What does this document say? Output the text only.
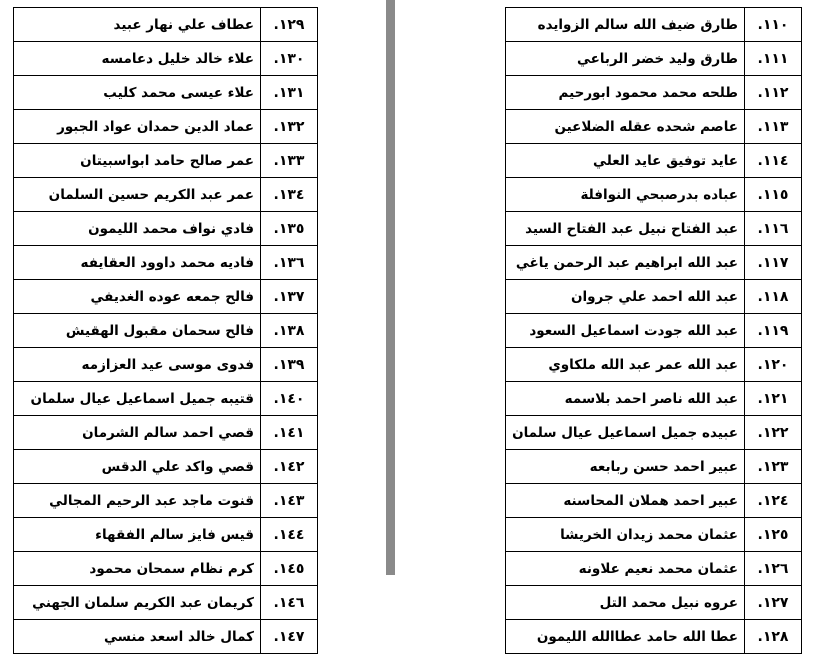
١٢٩.	عطاف علي نهار عبيد
١٣٠.	علاء خالد خليل دعامسه
١٣١.	علاء عيسى محمد كليب
١٣٢.	عماد الدين حمدان عواد الجبور
١٣٣.	عمر صالح حامد ابواسبيتان
١٣٤.	عمر عبد الكريم حسين السلمان
١٣٥.	فادي نواف محمد الليمون
١٣٦.	فاديه محمد داوود العقايفه
١٣٧.	فالح جمعه عوده الغديفي
١٣٨.	فالح سحمان مقبول الهقيش
١٣٩.	فدوى موسى عيد العزازمه
١٤٠.	قتيبه جميل اسماعيل عيال سلمان
١٤١.	قصي احمد سالم الشرمان
١٤٢.	قصي واكد علي الدقس
١٤٣.	قنوت ماجد عبد الرحيم المجالي
١٤٤.	قيس فايز سالم الفقهاء
١٤٥.	كرم نظام سمحان محمود
١٤٦.	كريمان عبد الكريم سلمان الجهني
١٤٧.	كمال خالد اسعد منسي
١١٠.	طارق ضيف الله سالم الزوايده
١١١.	طارق وليد خضر الرباعي
١١٢.	طلحه محمد محمود ابورحيم
١١٣.	عاصم شحده عقله الضلاعين
١١٤.	عايد توفيق عايد العلي
١١٥.	عباده بدرصبحي النوافلة
١١٦.	عبد الفتاح نبيل عبد الفتاح السيد
١١٧.	عبد الله ابراهيم عبد الرحمن ياغي
١١٨.	عبد الله احمد علي جروان
١١٩.	عبد الله جودت اسماعيل السعود
١٢٠.	عبد الله عمر عبد الله ملكاوي
١٢١.	عبد الله ناصر احمد بلاسمه
١٢٢.	عبيده جميل اسماعيل عيال سلمان
١٢٣.	عبير احمد حسن ربابعه
١٢٤.	عبير احمد هملان المحاسنه
١٢٥.	عثمان محمد زيدان الخريشا
١٢٦.	عثمان محمد نعيم علاونه
١٢٧.	عروه نبيل محمد التل
١٢٨.	عطا الله حامد عطاالله الليمون
